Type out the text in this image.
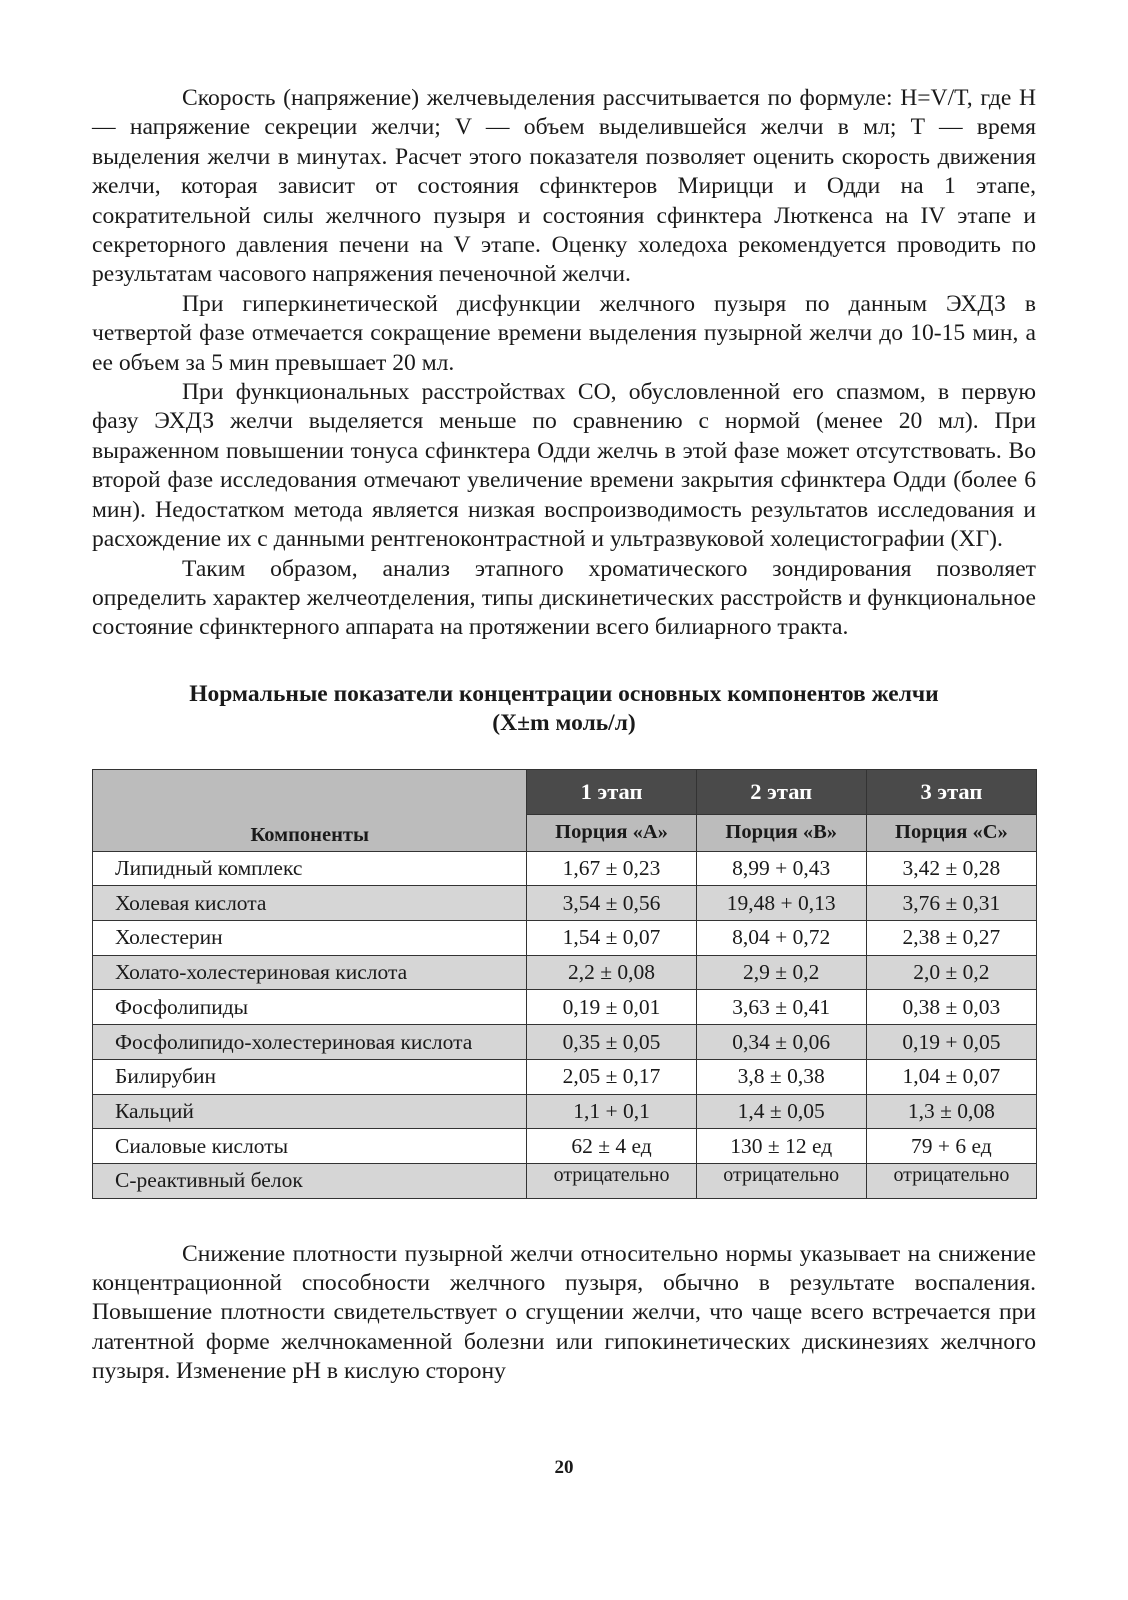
Скорость (напряжение) желчевыделения рассчитывается по формуле: H=V/T, где H — напряжение секреции желчи; V — объем выделившейся желчи в мл; T — время выделения желчи в минутах. Расчет этого показателя позволяет оценить скорость движения желчи, которая зависит от состояния сфинктеров Мирицци и Одди на 1 этапе, сократительной силы желчного пузыря и состояния сфинктера Люткенса на IV этапе и секреторного давления печени на V этапе. Оценку холедоха рекомендуется проводить по результатам часового напряжения печеночной желчи.

При гиперкинетической дисфункции желчного пузыря по данным ЭХДЗ в четвертой фазе отмечается сокращение времени выделения пузырной желчи до 10-15 мин, а ее объем за 5 мин превышает 20 мл.

При функциональных расстройствах СО, обусловленной его спазмом, в первую фазу ЭХДЗ желчи выделяется меньше по сравнению с нормой (менее 20 мл). При выраженном повышении тонуса сфинктера Одди желчь в этой фазе может отсутствовать. Во второй фазе исследования отмечают увеличение времени закрытия сфинктера Одди (более 6 мин). Недостатком метода является низкая воспроизводимость результатов исследования и расхождение их с данными рентгеноконтрастной и ультразвуковой холецистографии (ХГ).

Таким образом, анализ этапного хроматического зондирования позволяет определить характер желчеотделения, типы дискинетических расстройств и функциональное состояние сфинктерного аппарата на протяжении всего билиарного тракта.

Нормальные показатели концентрации основных компонентов желчи
(X±m моль/л)
Компоненты	1 этап	2 этап	3 этап
	Порция «А»	Порция «В»	Порция «С»
Липидный комплекс	1,67 ± 0,23	8,99 + 0,43	3,42 ± 0,28
Холевая кислота	3,54 ± 0,56	19,48 + 0,13	3,76 ± 0,31
Холестерин	1,54 ± 0,07	8,04 + 0,72	2,38 ± 0,27
Холато-холестериновая кислота	2,2 ± 0,08	2,9 ± 0,2	2,0 ± 0,2
Фосфолипиды	0,19 ± 0,01	3,63 ± 0,41	0,38 ± 0,03
Фосфолипидо-холестериновая кислота	0,35 ± 0,05	0,34 ± 0,06	0,19 + 0,05
Билирубин	2,05 ± 0,17	3,8 ± 0,38	1,04 ± 0,07
Кальций	1,1 + 0,1	1,4 ± 0,05	1,3 ± 0,08
Сиаловые кислоты	62 ± 4 ед	130 ± 12 ед	79 + 6 ед
С-реактивный белок	отрицательно	отрицательно	отрицательно

Снижение плотности пузырной желчи относительно нормы указывает на снижение концентрационной способности желчного пузыря, обычно в результате воспаления. Повышение плотности свидетельствует о сгущении желчи, что чаще всего встречается при латентной форме желчнокаменной болезни или гипокинетических дискинезиях желчного пузыря. Изменение pH в кислую сторону

20
